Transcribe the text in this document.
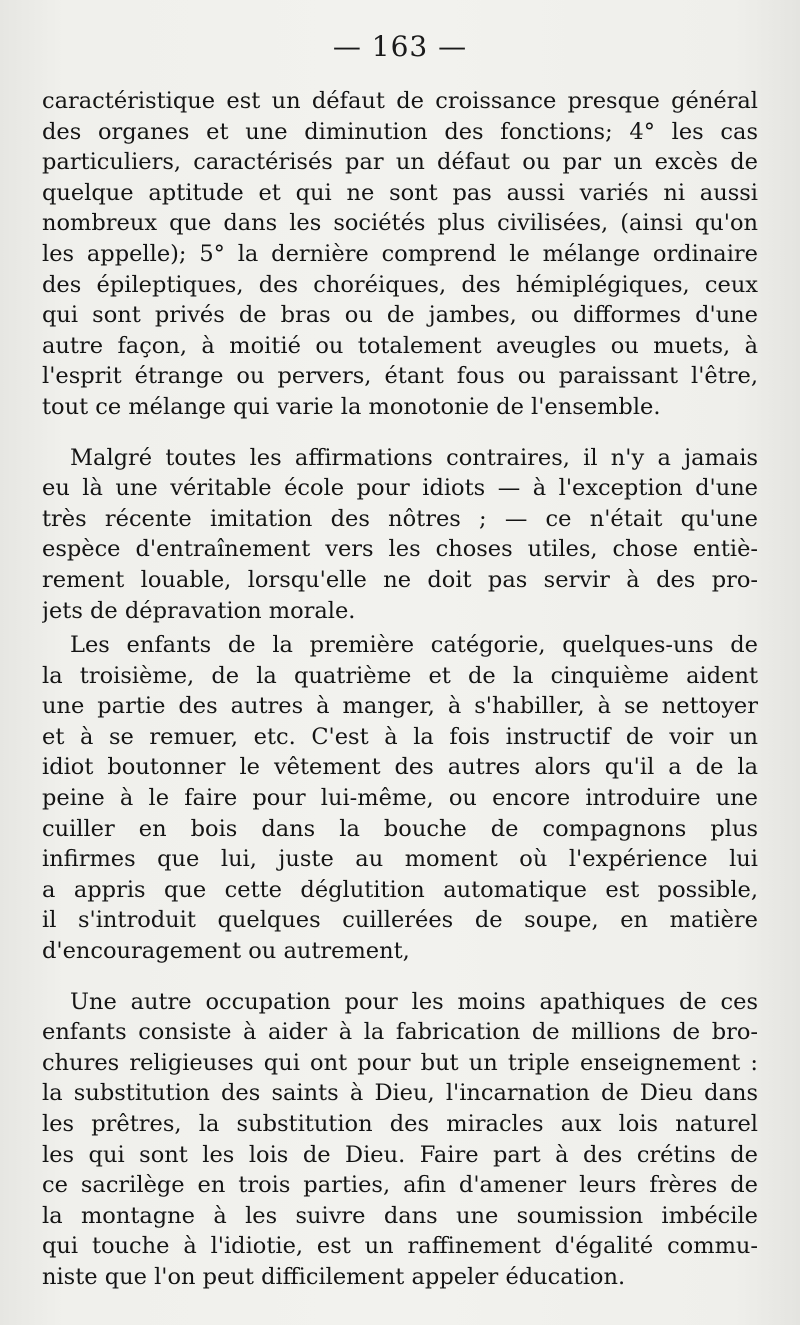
— 163 —
caractéristique est un défaut de croissance presque général
des organes et une diminution des fonctions; 4° les cas
particuliers, caractérisés par un défaut ou par un excès de
quelque aptitude et qui ne sont pas aussi variés ni aussi
nombreux que dans les sociétés plus civilisées, (ainsi qu'on
les appelle); 5° la dernière comprend le mélange ordinaire
des épileptiques, des choréiques, des hémiplégiques, ceux
qui sont privés de bras ou de jambes, ou difformes d'une
autre façon, à moitié ou totalement aveugles ou muets, à
l'esprit étrange ou pervers, étant fous ou paraissant l'être,
tout ce mélange qui varie la monotonie de l'ensemble.
Malgré toutes les affirmations contraires, il n'y a jamais
eu là une véritable école pour idiots — à l'exception d'une
très récente imitation des nôtres ; — ce n'était qu'une
espèce d'entraînement vers les choses utiles, chose entiè-
rement louable, lorsqu'elle ne doit pas servir à des pro-
jets de dépravation morale.
Les enfants de la première catégorie, quelques-uns de
la troisième, de la quatrième et de la cinquième aident
une partie des autres à manger, à s'habiller, à se nettoyer
et à se remuer, etc. C'est à la fois instructif de voir un
idiot boutonner le vêtement des autres alors qu'il a de la
peine à le faire pour lui-même, ou encore introduire une
cuiller en bois dans la bouche de compagnons plus
infirmes que lui, juste au moment où l'expérience lui
a appris que cette déglutition automatique est possible,
il s'introduit quelques cuillerées de soupe, en matière
d'encouragement ou autrement,
Une autre occupation pour les moins apathiques de ces
enfants consiste à aider à la fabrication de millions de bro-
chures religieuses qui ont pour but un triple enseignement :
la substitution des saints à Dieu, l'incarnation de Dieu dans
les prêtres, la substitution des miracles aux lois naturel
les qui sont les lois de Dieu. Faire part à des crétins de
ce sacrilège en trois parties, afin d'amener leurs frères de
la montagne à les suivre dans une soumission imbécile
qui touche à l'idiotie, est un raffinement d'égalité commu-
niste que l'on peut difficilement appeler éducation.
